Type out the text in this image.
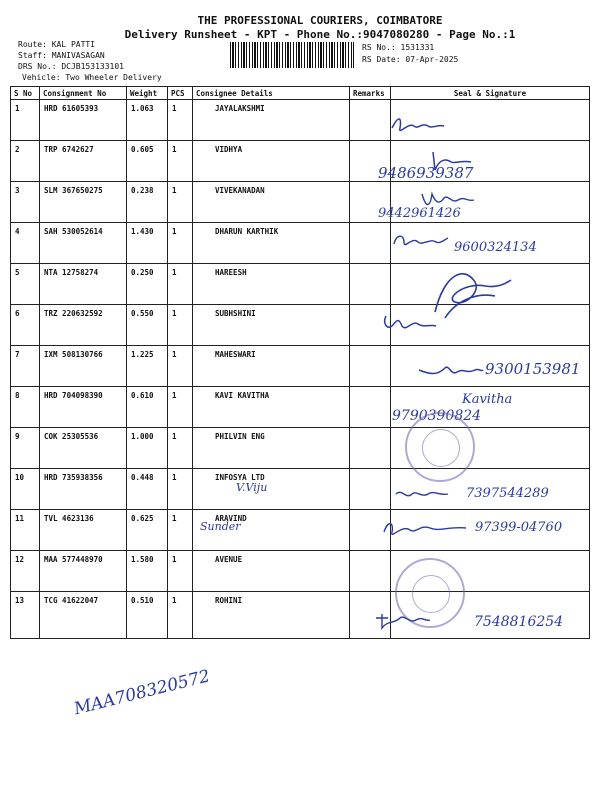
THE PROFESSIONAL COURIERS, COIMBATORE
Delivery Runsheet - KPT - Phone No.:9047080280 - Page No.:1
Route: KAL PATTI
Staff: MANIVASAGAN
DRS No.: DCJB153133101
Vehicle: Two Wheeler Delivery
RS No.: 1531331
RS Date: 07-Apr-2025
S No	Consignment No	Weight	PCS	Consignee Details	Remarks	Seal & Signature
1	HRD 61605393	1.063	1	JAYALAKSHMI		
2	TRP 6742627	0.605	1	VIDHYA		
3	SLM 367650275	0.238	1	VIVEKANADAN		
4	SAH 530052614	1.430	1	DHARUN KARTHIK		
5	NTA 12758274	0.250	1	HAREESH		
6	TRZ 220632592	0.550	1	SUBHSHINI		
7	IXM 508130766	1.225	1	MAHESWARI		
8	HRD 704098390	0.610	1	KAVI KAVITHA		
9	COK 25305536	1.000	1	PHILVIN ENG		
10	HRD 735938356	0.448	1	INFOSYA LTD		
11	TVL 4623136	0.625	1	ARAVIND		
12	MAA 577448970	1.580	1	AVENUE		
13	TCG 41622047	0.510	1	ROHINI		
9486939387
9442961426
9600324134
9300153981
Kavitha
9790390824
V.Viju	7397544289
Sunder	97399-04760
7548816254
MAA708320572
